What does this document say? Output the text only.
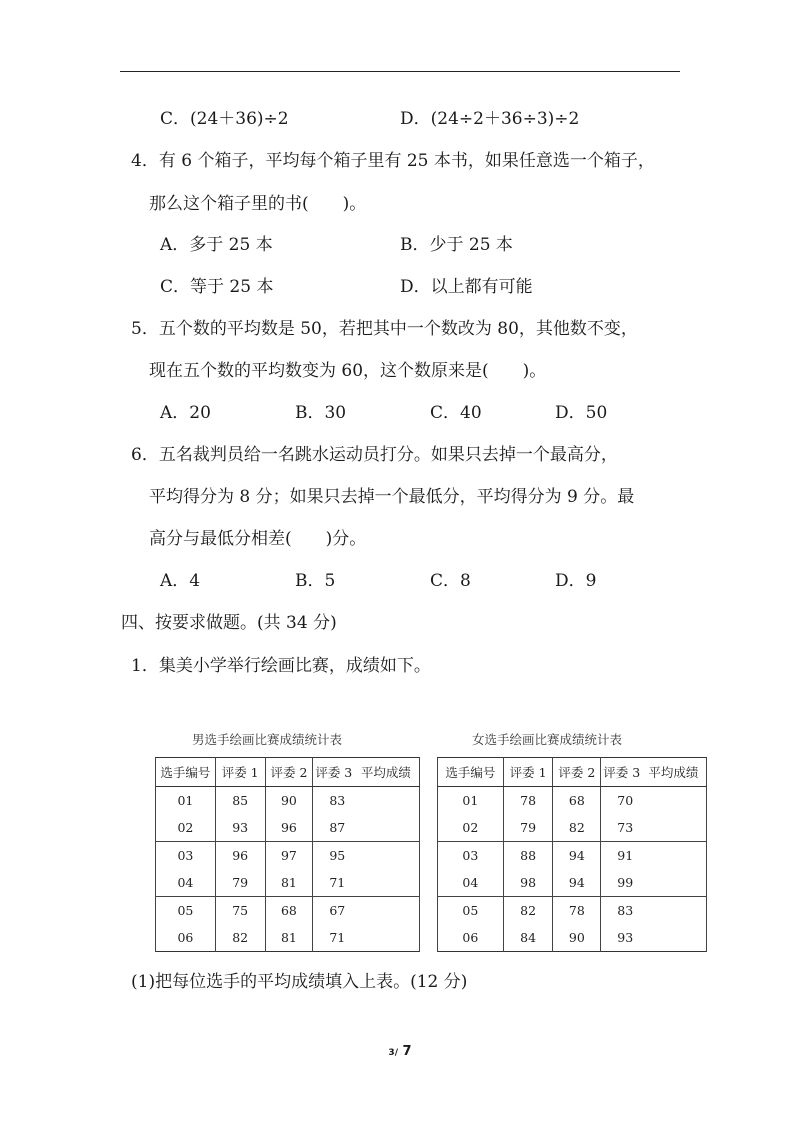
C．(24＋36)÷2	D．(24÷2＋36÷3)÷2
4．有 6 个箱子，平均每个箱子里有 25 本书，如果任意选一个箱子，
那么这个箱子里的书(　　)。
A．多于 25 本	B．少于 25 本
C．等于 25 本	D．以上都有可能
5．五个数的平均数是 50，若把其中一个数改为 80，其他数不变，
现在五个数的平均数变为 60，这个数原来是(　　)。
A．20	B．30	C．40	D．50
6．五名裁判员给一名跳水运动员打分。如果只去掉一个最高分，
平均得分为 8 分；如果只去掉一个最低分，平均得分为 9 分。最
高分与最低分相差(　　)分。
A．4	B．5	C．8	D．9
四、按要求做题。(共 34 分)
1．集美小学举行绘画比赛，成绩如下。
男选手绘画比赛成绩统计表
选手编号	评委 1	评委 2	评委 3	平均成绩
01	85	90	83	
02	93	96	87	
03	96	97	95	
04	79	81	71	
05	75	68	67	
06	82	81	71	
女选手绘画比赛成绩统计表
选手编号	评委 1	评委 2	评委 3	平均成绩
01	78	68	70	
02	79	82	73	
03	88	94	91	
04	98	94	99	
05	82	78	83	
06	84	90	93	
(1)把每位选手的平均成绩填入上表。(12 分)
3/ 7
